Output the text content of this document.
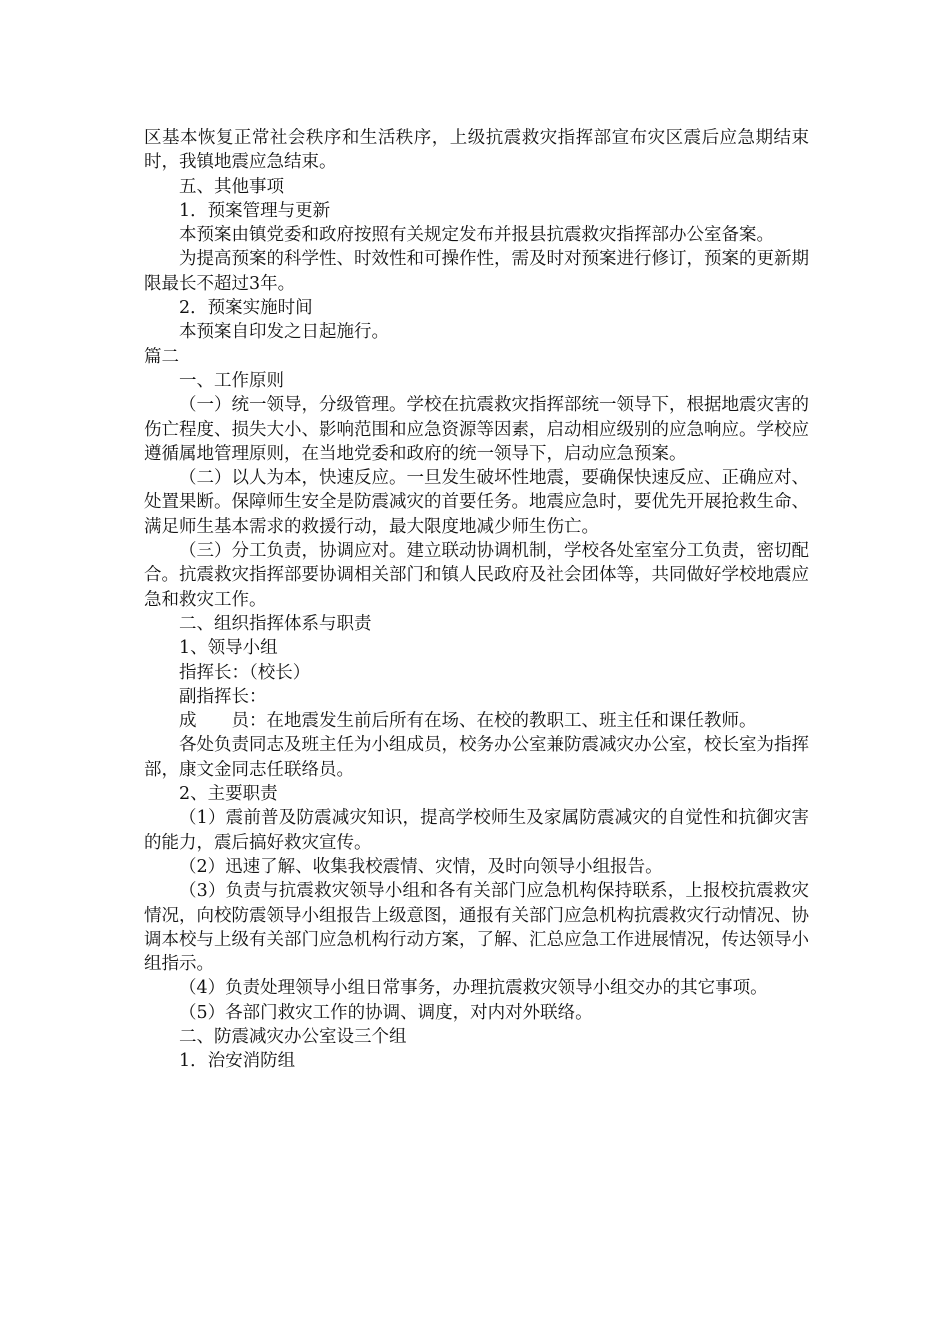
区基本恢复正常社会秩序和生活秩序，上级抗震救灾指挥部宣布灾区震后应急期结束时，我镇地震应急结束。

五、其他事项

1．预案管理与更新

本预案由镇党委和政府按照有关规定发布并报县抗震救灾指挥部办公室备案。

为提高预案的科学性、时效性和可操作性，需及时对预案进行修订，预案的更新期限最长不超过3年。

2．预案实施时间

本预案自印发之日起施行。

篇二

一、工作原则

（一）统一领导，分级管理。学校在抗震救灾指挥部统一领导下，根据地震灾害的伤亡程度、损失大小、影响范围和应急资源等因素，启动相应级别的应急响应。学校应遵循属地管理原则，在当地党委和政府的统一领导下，启动应急预案。

（二）以人为本，快速反应。一旦发生破坏性地震，要确保快速反应、正确应对、处置果断。保障师生安全是防震减灾的首要任务。地震应急时，要优先开展抢救生命、满足师生基本需求的救援行动，最大限度地减少师生伤亡。

（三）分工负责，协调应对。建立联动协调机制，学校各处室室分工负责，密切配合。抗震救灾指挥部要协调相关部门和镇人民政府及社会团体等，共同做好学校地震应急和救灾工作。

二、组织指挥体系与职责

1、领导小组

指挥长：（校长）

副指挥长：

成　　员：在地震发生前后所有在场、在校的教职工、班主任和课任教师。

各处负责同志及班主任为小组成员，校务办公室兼防震减灾办公室，校长室为指挥部，康文金同志任联络员。

2、主要职责

（1）震前普及防震减灾知识，提高学校师生及家属防震减灾的自觉性和抗御灾害的能力，震后搞好救灾宣传。

（2）迅速了解、收集我校震情、灾情，及时向领导小组报告。

（3）负责与抗震救灾领导小组和各有关部门应急机构保持联系，上报校抗震救灾情况，向校防震领导小组报告上级意图，通报有关部门应急机构抗震救灾行动情况、协调本校与上级有关部门应急机构行动方案，了解、汇总应急工作进展情况，传达领导小组指示。

（4）负责处理领导小组日常事务，办理抗震救灾领导小组交办的其它事项。

（5）各部门救灾工作的协调、调度，对内对外联络。

二、防震减灾办公室设三个组

1．治安消防组
